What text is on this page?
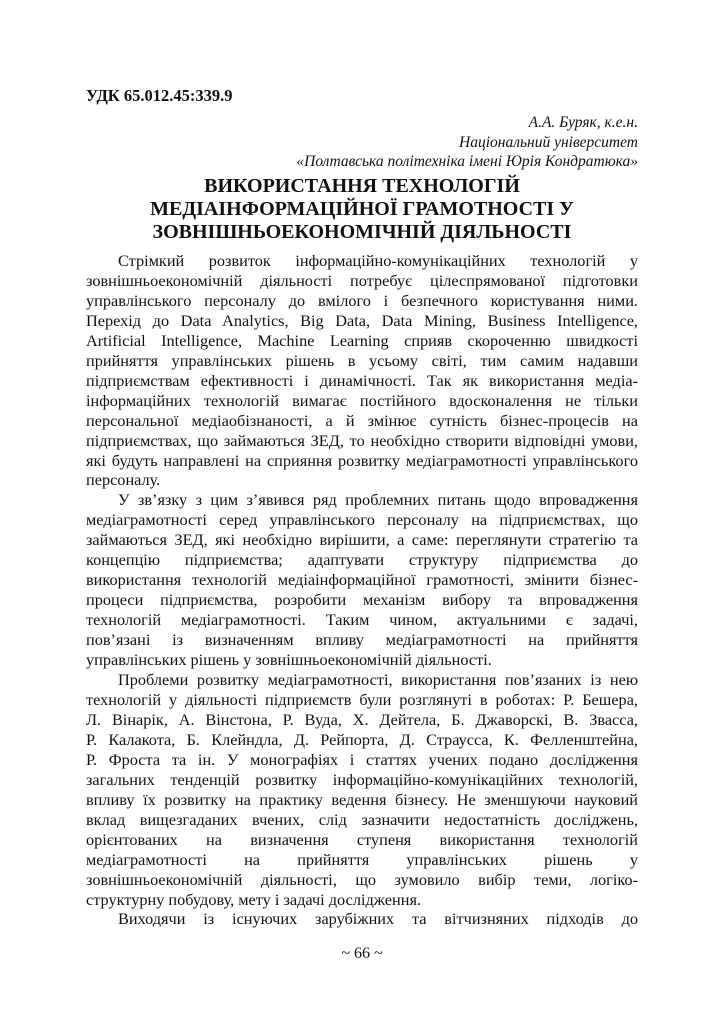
УДК 65.012.45:339.9
А.А. Буряк, к.е.н.
Національний університет
«Полтавська політехніка імені Юрія Кондратюка»
ВИКОРИСТАННЯ ТЕХНОЛОГІЙ
МЕДІАІНФОРМАЦІЙНОЇ ГРАМОТНОСТІ У
ЗОВНІШНЬОЕКОНОМІЧНІЙ ДІЯЛЬНОСТІ
Стрімкий розвиток інформаційно-комунікаційних технологій у
зовнішньоекономічній діяльності потребує цілеспрямованої підготовки
управлінського персоналу до вмілого і безпечного користування ними.
Перехід до Data Analytics, Big Data, Data Mining, Business Intelligence,
Artificial Intelligence, Machine Learning сприяв скороченню швидкості
прийняття управлінських рішень в усьому світі, тим самим надавши
підприємствам ефективності і динамічності. Так як використання медіа-
інформаційних технологій вимагає постійного вдосконалення не тільки
персональної медіаобізнаності, а й змінює сутність бізнес-процесів на
підприємствах, що займаються ЗЕД, то необхідно створити відповідні умови,
які будуть направлені на сприяння розвитку медіаграмотності управлінського
персоналу.
У зв’язку з цим з’явився ряд проблемних питань щодо впровадження
медіаграмотності серед управлінського персоналу на підприємствах, що
займаються ЗЕД, які необхідно вирішити, а саме: переглянути стратегію та
концепцію підприємства; адаптувати структуру підприємства до
використання технологій медіаінформаційної грамотності, змінити бізнес-
процеси підприємства, розробити механізм вибору та впровадження
технологій медіаграмотності. Таким чином, актуальними є задачі,
пов’язані із визначенням впливу медіаграмотності на прийняття
управлінських рішень у зовнішньоекономічній діяльності.
Проблеми розвитку медіаграмотності, використання пов’язаних із нею
технологій у діяльності підприємств були розглянуті в роботах: Р. Бешера,
Л. Вінарік, А. Вінстона, Р. Вуда, Х. Дейтела, Б. Джаворскі, В. Звасса,
Р. Калакота, Б. Клейндла, Д. Рейпорта, Д. Страусса, К. Фелленштейна,
Р. Фроста та ін. У монографіях і статтях учених подано дослідження
загальних тенденцій розвитку інформаційно-комунікаційних технологій,
впливу їх розвитку на практику ведення бізнесу. Не зменшуючи науковий
вклад вищезгаданих вчених, слід зазначити недостатність досліджень,
орієнтованих на визначення ступеня використання технологій
медіаграмотності на прийняття управлінських рішень у
зовнішньоекономічній діяльності, що зумовило вибір теми, логіко-
структурну побудову, мету і задачі дослідження.
Виходячи із існуючих зарубіжних та вітчизняних підходів до
~ 66 ~
